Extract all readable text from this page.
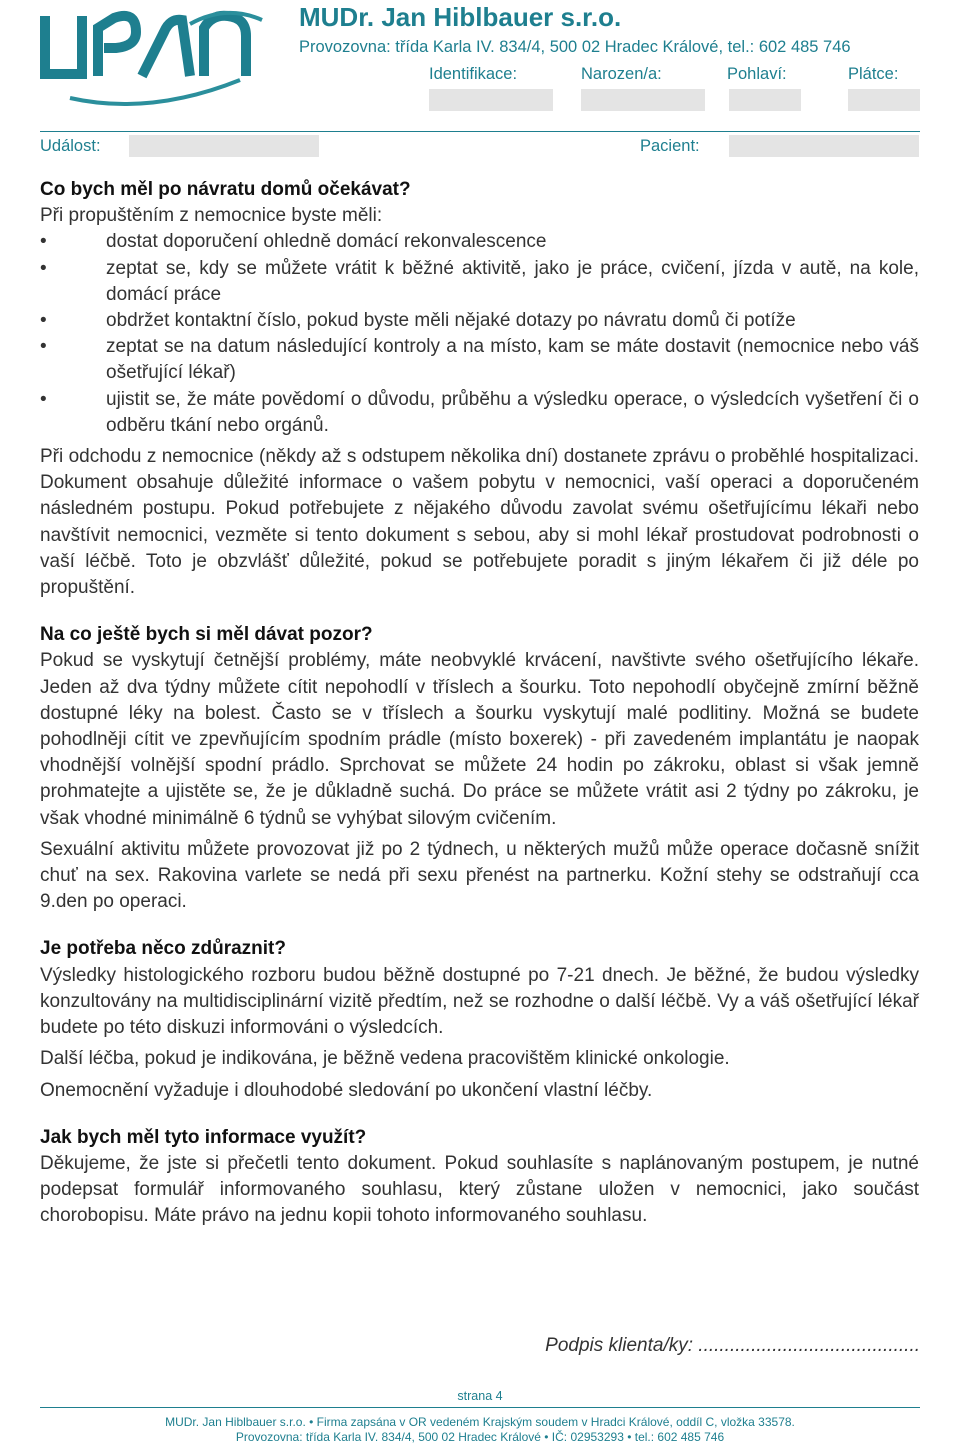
MUDr. Jan Hiblbauer s.r.o.
Provozovna: třída Karla IV. 834/4, 500 02 Hradec Králové, tel.: 602 485 746
Identifikace:	Narozen/a:	Pohlaví:	Plátce:
Událost:	Pacient:
Co bych měl po návratu domů očekávat?

Při propuštěním z nemocnice byste měli:

• dostat doporučení ohledně domácí rekonvalescence
• zeptat se, kdy se můžete vrátit k běžné aktivitě, jako je práce, cvičení, jízda v autě, na kole, domácí práce
• obdržet kontaktní číslo, pokud byste měli nějaké dotazy po návratu domů či potíže
• zeptat se na datum následující kontroly a na místo, kam se máte dostavit (nemocnice nebo váš ošetřující lékař)
• ujistit se, že máte povědomí o důvodu, průběhu a výsledku operace, o výsledcích vyšetření či o odběru tkání nebo orgánů.

Při odchodu z nemocnice (někdy až s odstupem několika dní) dostanete zprávu o proběhlé hospitalizaci. Dokument obsahuje důležité informace o vašem pobytu v nemocnici, vaší operaci a doporučeném následném postupu. Pokud potřebujete z nějakého důvodu zavolat svému ošetřujícímu lékaři nebo navštívit nemocnici, vezměte si tento dokument s sebou, aby si mohl lékař prostudovat podrobnosti o vaší léčbě. Toto je obzvlášť důležité, pokud se potřebujete poradit s jiným lékařem či již déle po propuštění.

Na co ještě bych si měl dávat pozor?

Pokud se vyskytují četnější problémy, máte neobvyklé krvácení, navštivte svého ošetřujícího lékaře. Jeden až dva týdny můžete cítit nepohodlí v tříslech a šourku. Toto nepohodlí obyčejně zmírní běžně dostupné léky na bolest. Často se v tříslech a šourku vyskytují malé podlitiny. Možná se budete pohodlněji cítit ve zpevňujícím spodním prádle (místo boxerek) - při zavedeném implantátu je naopak vhodnější volnější spodní prádlo. Sprchovat se můžete 24 hodin po zákroku, oblast si však jemně prohmatejte a ujistěte se, že je důkladně suchá. Do práce se můžete vrátit asi 2 týdny po zákroku, je však vhodné minimálně 6 týdnů se vyhýbat silovým cvičením.

Sexuální aktivitu můžete provozovat již po 2 týdnech, u některých mužů může operace dočasně snížit chuť na sex. Rakovina varlete se nedá při sexu přenést na partnerku. Kožní stehy se odstraňují cca 9.den po operaci.

Je potřeba něco zdůraznit?

Výsledky histologického rozboru budou běžně dostupné po 7-21 dnech. Je běžné, že budou výsledky konzultovány na multidisciplinární vizitě předtím, než se rozhodne o další léčbě. Vy a váš ošetřující lékař budete po této diskuzi informováni o výsledcích.

Další léčba, pokud je indikována, je běžně vedena pracovištěm klinické onkologie.

Onemocnění vyžaduje i dlouhodobé sledování po ukončení vlastní léčby.

Jak bych měl tyto informace využít?

Děkujeme, že jste si přečetli tento dokument. Pokud souhlasíte s naplánovaným postupem, je nutné podepsat formulář informovaného souhlasu, který zůstane uložen v nemocnici, jako součást chorobopisu. Máte právo na jednu kopii tohoto informovaného souhlasu.

Podpis klienta/ky: ..........................................
strana 4
MUDr. Jan Hiblbauer s.r.o. • Firma zapsána v OR vedeném Krajským soudem v Hradci Králové, oddíl C, vložka 33578.
Provozovna: třída Karla IV. 834/4, 500 02 Hradec Králové • IČ: 02953293 • tel.: 602 485 746
